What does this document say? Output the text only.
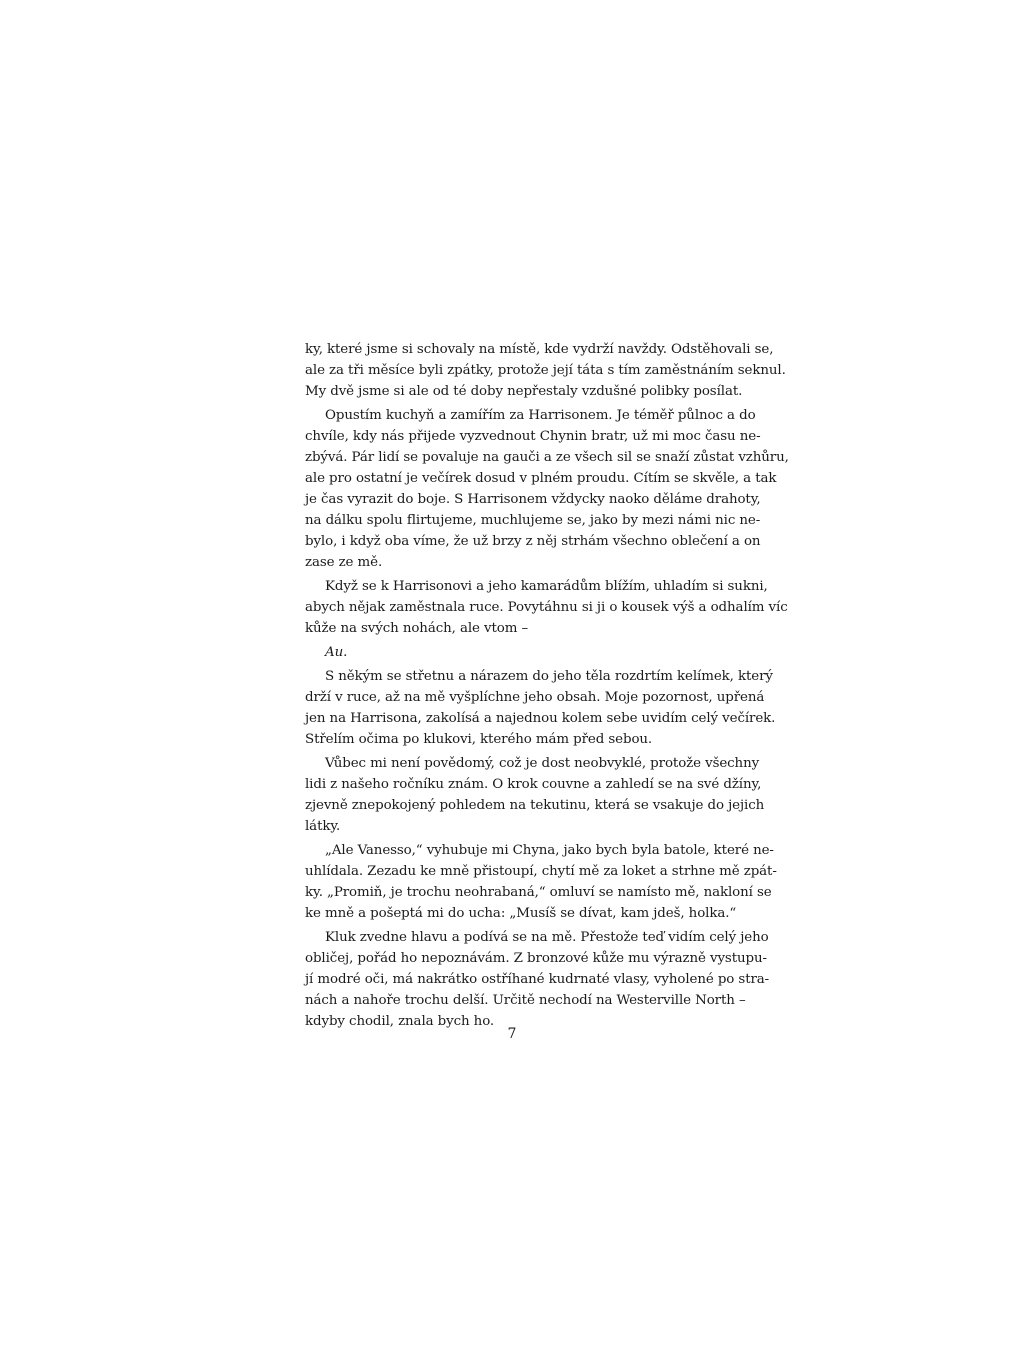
ky, které jsme si schovaly na místě, kde vydrží navždy. Odstěhovali se,
ale za tři měsíce byli zpátky, protože její táta s tím zaměstnáním seknul.
My dvě jsme si ale od té doby nepřestaly vzdušné polibky posílat.
Opustím kuchyň a zamířím za Harrisonem. Je téměř půlnoc a do
chvíle, kdy nás přijede vyzvednout Chynin bratr, už mi moc času ne-
zbývá. Pár lidí se povaluje na gauči a ze všech sil se snaží zůstat vzhůru,
ale pro ostatní je večírek dosud v plném proudu. Cítím se skvěle, a tak
je čas vyrazit do boje. S Harrisonem vždycky naoko děláme drahoty,
na dálku spolu flirtujeme, muchlujeme se, jako by mezi námi nic ne-
bylo, i když oba víme, že už brzy z něj strhám všechno oblečení a on
zase ze mě.
Když se k Harrisonovi a jeho kamarádům blížím, uhladím si sukni,
abych nějak zaměstnala ruce. Povytáhnu si ji o kousek výš a odhalím víc
kůže na svých nohách, ale vtom –
Au.
S někým se střetnu a nárazem do jeho těla rozdrtím kelímek, který
drží v ruce, až na mě vyšplíchne jeho obsah. Moje pozornost, upřená
jen na Harrisona, zakolísá a najednou kolem sebe uvidím celý večírek.
Střelím očima po klukovi, kterého mám před sebou.
Vůbec mi není povědomý, což je dost neobvyklé, protože všechny
lidi z našeho ročníku znám. O krok couvne a zahledí se na své džíny,
zjevně znepokojený pohledem na tekutinu, která se vsakuje do jejich
látky.
„Ale Vanesso,“ vyhubuje mi Chyna, jako bych byla batole, které ne-
uhlídala. Zezadu ke mně přistoupí, chytí mě za loket a strhne mě zpát-
ky. „Promiň, je trochu neohrabaná,“ omluví se namísto mě, nakloní se
ke mně a pošeptá mi do ucha: „Musíš se dívat, kam jdeš, holka.“
Kluk zvedne hlavu a podívá se na mě. Přestože teď vidím celý jeho
obličej, pořád ho nepoznávám. Z bronzové kůže mu výrazně vystupu-
jí modré oči, má nakrátko ostříhané kudrnaté vlasy, vyholené po stra-
nách a nahoře trochu delší. Určitě nechodí na Westerville North –
kdyby chodil, znala bych ho.
7
